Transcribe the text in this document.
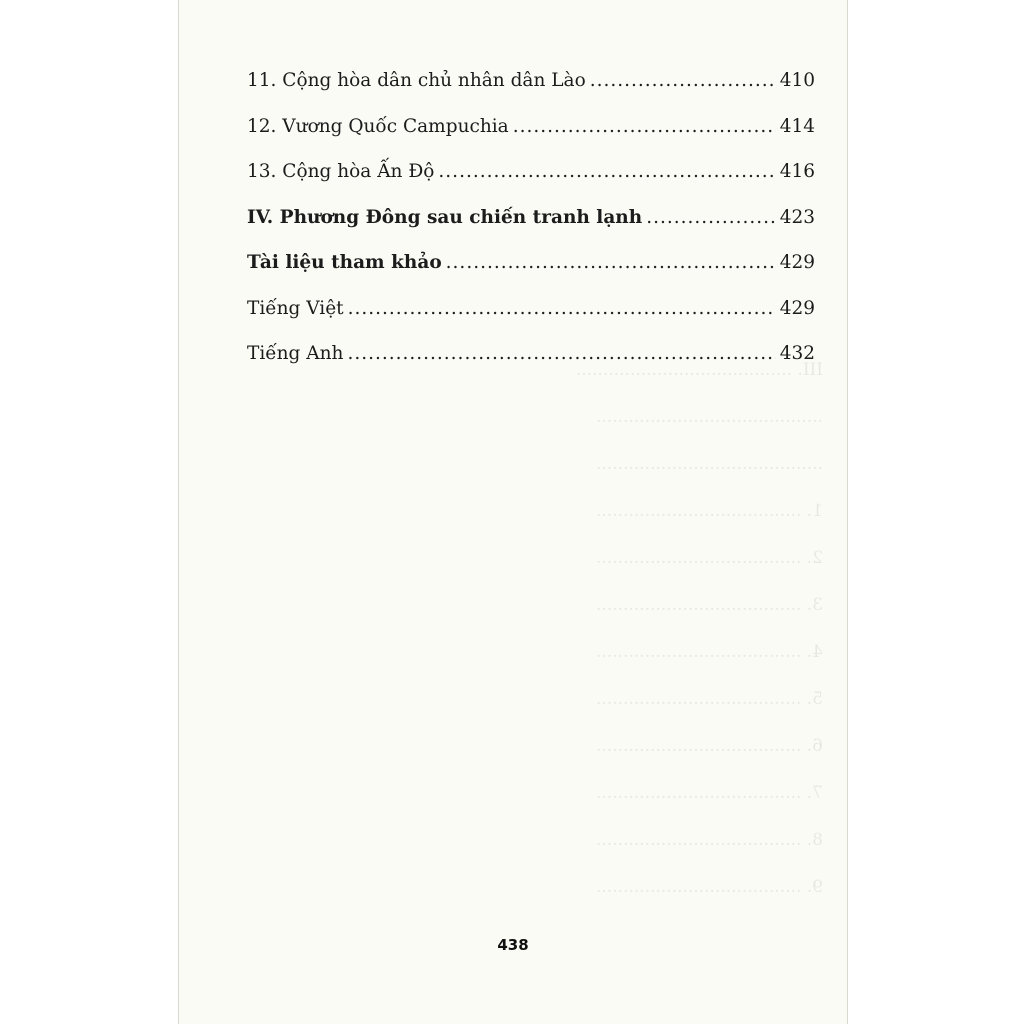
III. ........................................
..........................................
..........................................
1. ......................................
2. ......................................
3. ......................................
4. ......................................
5. ......................................
6. ......................................
7. ......................................
8. ......................................
9. ......................................
11. Cộng hòa dân chủ nhân dân Lào .....	410
12. Vương Quốc Campuchia .....	414
13. Cộng hòa Ấn Độ .....	416
IV. Phương Đông sau chiến tranh lạnh .....	423
Tài liệu tham khảo .....	429
Tiếng Việt .....	429
Tiếng Anh .....	432
438
